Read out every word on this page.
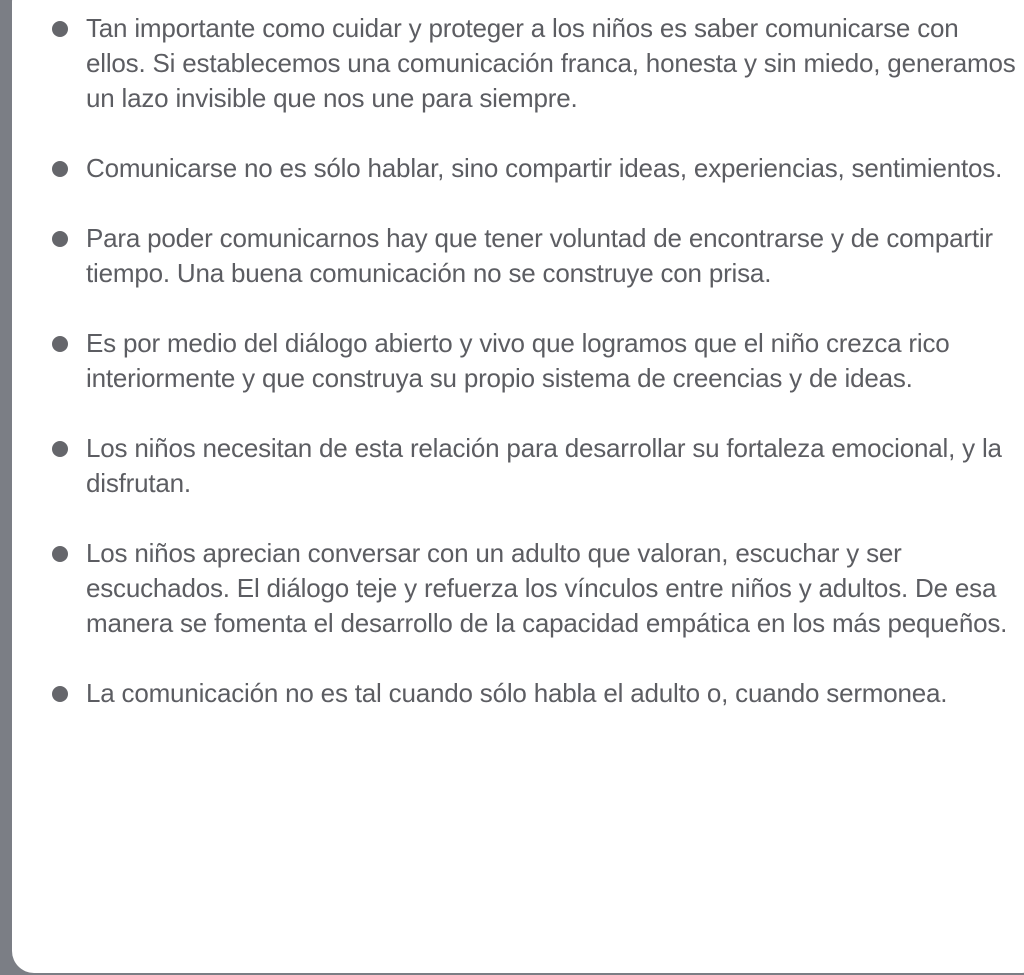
Tan importante como cuidar y proteger a los niños es saber comunicarse con ellos. Si establecemos una comunicación franca, honesta y sin miedo, generamos un lazo invisible que nos une para siempre.
Comunicarse no es sólo hablar, sino compartir ideas, experiencias, sentimientos.
Para poder comunicarnos hay que tener voluntad de encontrarse y de compartir tiempo. Una buena comunicación no se construye con prisa.
Es por medio del diálogo abierto y vivo que logramos que el niño crezca rico interiormente y que construya su propio sistema de creencias y de ideas.
Los niños necesitan de esta relación para desarrollar su fortaleza emocional, y la disfrutan.
Los niños aprecian conversar con un adulto que valoran, escuchar y ser escuchados. El diálogo teje y refuerza los vínculos entre niños y adultos. De esa manera se fomenta el desarrollo de la capacidad empática en los más pequeños.
La comunicación no es tal cuando sólo habla el adulto o, cuando sermonea.
